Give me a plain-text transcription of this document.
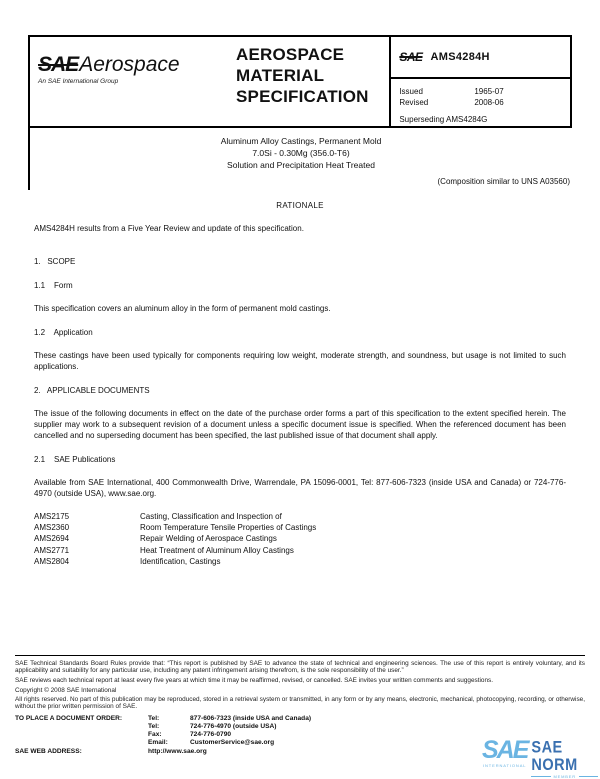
SAE Aerospace
An SAE International Group
AEROSPACE
MATERIAL
SPECIFICATION
SAE AMS4284H
Issued	1965-07
Revised	2008-06
Superseding AMS4284G
Aluminum Alloy Castings, Permanent Mold
7.0Si - 0.30Mg (356.0-T6)
Solution and Precipitation Heat Treated
(Composition similar to UNS A03560)
RATIONALE
AMS4284H results from a Five Year Review and update of this specification.
1.   SCOPE
1.1    Form
This specification covers an aluminum alloy in the form of permanent mold castings.
1.2    Application
These castings have been used typically for components requiring low weight, moderate strength, and soundness, but usage is not limited to such applications.
2.   APPLICABLE DOCUMENTS
The issue of the following documents in effect on the date of the purchase order forms a part of this specification to the extent specified herein. The supplier may work to a subsequent revision of a document unless a specific document issue is specified. When the referenced document has been cancelled and no superseding document has been specified, the last published issue of that document shall apply.
2.1    SAE Publications
Available from SAE International, 400 Commonwealth Drive, Warrendale, PA 15096-0001, Tel: 877-606-7323 (inside USA and Canada) or 724-776-4970 (outside USA), www.sae.org.
AMS2175	Casting, Classification and Inspection of
AMS2360	Room Temperature Tensile Properties of Castings
AMS2694	Repair Welding of Aerospace Castings
AMS2771	Heat Treatment of Aluminum Alloy Castings
AMS2804	Identification, Castings
SAE Technical Standards Board Rules provide that: “This report is published by SAE to advance the state of technical and engineering sciences. The use of this report is entirely voluntary, and its applicability and suitability for any particular use, including any patent infringement arising therefrom, is the sole responsibility of the user.”
SAE reviews each technical report at least every five years at which time it may be reaffirmed, revised, or cancelled. SAE invites your written comments and suggestions.
Copyright © 2008 SAE International
All rights reserved. No part of this publication may be reproduced, stored in a retrieval system or transmitted, in any form or by any means, electronic, mechanical, photocopying, recording, or otherwise, without the prior written permission of SAE.
TO PLACE A DOCUMENT ORDER:	Tel:	877-606-7323 (inside USA and Canada)
Tel:	724-776-4970 (outside USA)
Fax:	724-776-0790
Email:	CustomerService@sae.org
SAE WEB ADDRESS:	http://www.sae.org	SAE
INTERNATIONAL
SAE NORM
MEMBER
